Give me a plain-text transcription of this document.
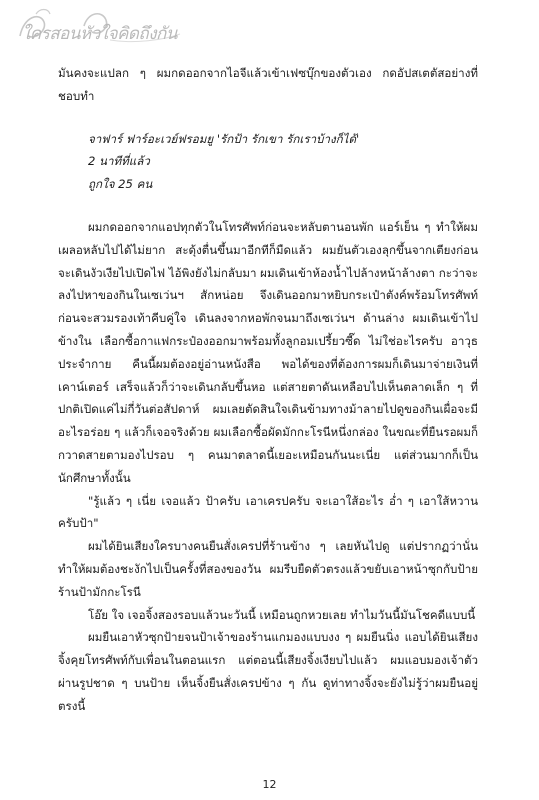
ใครสอนหัวใจคิดถึงกัน

มันคงจะแปลก ๆ ผมกดออกจากไอจีแล้วเข้าเฟซบุ๊กของตัวเอง กดอัปสเตตัสอย่างที่ชอบทำ

จาฟาร์ ฟาร์อะเวย์ฟรอมยู 'รักป้า รักเขา รักเราบ้างก็ได้'

2 นาทีที่แล้ว

ถูกใจ 25 คน

ผมกดออกจากแอปทุกตัวในโทรศัพท์ก่อนจะหลับตานอนพัก แอร์เย็น ๆ ทำให้ผมเผลอหลับไปได้ไม่ยาก สะดุ้งตื่นขึ้นมาอีกทีก็มืดแล้ว ผมยันตัวเองลุกขึ้นจากเตียงก่อนจะเดินงัวเงียไปเปิดไฟ ไอ้พิงยังไม่กลับมา ผมเดินเข้าห้องน้ำไปล้างหน้าล้างตา กะว่าจะลงไปหาของกินในเซเว่นฯ สักหน่อย จึงเดินออกมาหยิบกระเป๋าตังค์พร้อมโทรศัพท์ ก่อนจะสวมรองเท้าคีบคู่ใจ เดินลงจากหอพักจนมาถึงเซเว่นฯ ด้านล่าง ผมเดินเข้าไปข้างใน เลือกซื้อกาแฟกระป๋องออกมาพร้อมทั้งลูกอมเปรี้ยวซี๊ด ไม่ใช่อะไรครับ อาวุธประจำกาย คืนนี้ผมต้องอยู่อ่านหนังสือ พอได้ของที่ต้องการผมก็เดินมาจ่ายเงินที่เคาน์เตอร์ เสร็จแล้วก็ว่าจะเดินกลับขึ้นหอ แต่สายตาดันเหลือบไปเห็นตลาดเล็ก ๆ ที่ปกติเปิดแค่ไม่กี่วันต่อสัปดาห์ ผมเลยตัดสินใจเดินข้ามทางม้าลายไปดูของกินเผื่อจะมีอะไรอร่อย ๆ แล้วก็เจอจริงด้วย ผมเลือกซื้อผัดมักกะโรนีหนึ่งกล่อง ในขณะที่ยืนรอผมก็กวาดสายตามองไปรอบ ๆ คนมาตลาดนี้เยอะเหมือนกันนะเนี่ย แต่ส่วนมากก็เป็นนักศึกษาทั้งนั้น

"รู้แล้ว ๆ เนี่ย เจอแล้ว ป้าครับ เอาเครปครับ จะเอาใส้อะไร อ่ำ ๆ เอาใส้หวานครับป้า"

ผมได้ยินเสียงใครบางคนยืนสั่งเครปที่ร้านข้าง ๆ เลยหันไปดู แต่ปรากฏว่านั่นทำให้ผมต้องชะงักไปเป็นครั้งที่สองของวัน ผมรีบยืดตัวตรงแล้วขยับเอาหน้าซุกกับป้ายร้านป้ามักกะโรนี

โอ๊ย ใจ เจอจิ้งสองรอบแล้วนะวันนี้ เหมือนถูกหวยเลย ทำไมวันนี้มันโชคดีแบบนี้

ผมยืนเอาหัวซุกป้ายจนป้าเจ้าของร้านแกมองแบบงง ๆ ผมยืนนิ่ง แอบได้ยินเสียงจิ้งคุยโทรศัพท์กับเพื่อนในตอนแรก แต่ตอนนี้เสียงจิ้งเงียบไปแล้ว ผมแอบมองเจ้าตัวผ่านรูปชาด ๆ บนป้าย เห็นจิ้งยืนสั่งเครปข้าง ๆ กัน ดูท่าทางจิ้งจะยังไม่รู้ว่าผมยืนอยู่ตรงนี้

12
